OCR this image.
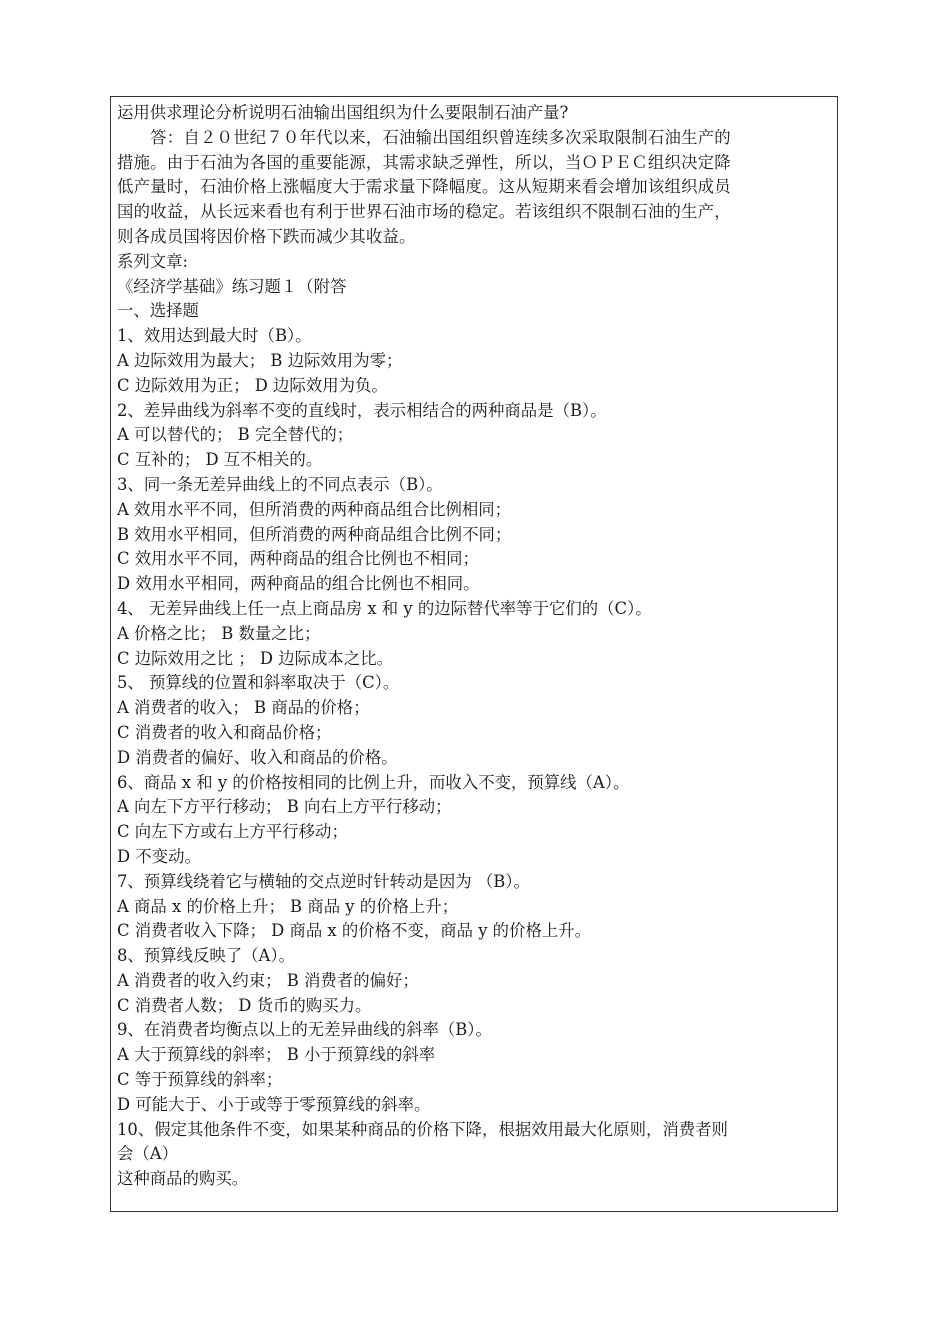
运用供求理论分析说明石油输出国组织为什么要限制石油产量?
　　答：自２０世纪７０年代以来，石油输出国组织曾连续多次采取限制石油生产的
措施。由于石油为各国的重要能源，其需求缺乏弹性，所以，当ＯＰＥＣ组织决定降
低产量时，石油价格上涨幅度大于需求量下降幅度。这从短期来看会增加该组织成员
国的收益，从长远来看也有利于世界石油市场的稳定。若该组织不限制石油的生产，
则各成员国将因价格下跌而减少其收益。
系列文章:
《经济学基础》练习题１（附答
一、选择题
1、效用达到最大时（B）。
A 边际效用为最大； B 边际效用为零；
C 边际效用为正； D 边际效用为负。
2、差异曲线为斜率不变的直线时，表示相结合的两种商品是（B）。
A 可以替代的； B 完全替代的；
C 互补的； D 互不相关的。
3、同一条无差异曲线上的不同点表示（B）。
A 效用水平不同，但所消费的两种商品组合比例相同；
B 效用水平相同，但所消费的两种商品组合比例不同；
C 效用水平不同，两种商品的组合比例也不相同；
D 效用水平相同，两种商品的组合比例也不相同。
4、 无差异曲线上任一点上商品房 x 和 y 的边际替代率等于它们的（C）。
A 价格之比； B 数量之比；
C 边际效用之比 ； D 边际成本之比。
5、 预算线的位置和斜率取决于（C）。
A 消费者的收入； B 商品的价格；
C 消费者的收入和商品价格；
D 消费者的偏好、收入和商品的价格。
6、商品 x 和 y 的价格按相同的比例上升，而收入不变，预算线（A）。
A 向左下方平行移动； B 向右上方平行移动；
C 向左下方或右上方平行移动；
D 不变动。
7、预算线绕着它与横轴的交点逆时针转动是因为 （B）。
A 商品 x 的价格上升； B 商品 y 的价格上升；
C 消费者收入下降； D 商品 x 的价格不变，商品 y 的价格上升。
8、预算线反映了（A）。
A 消费者的收入约束； B 消费者的偏好；
C 消费者人数； D 货币的购买力。
9、在消费者均衡点以上的无差异曲线的斜率（B）。
A 大于预算线的斜率； B 小于预算线的斜率
C 等于预算线的斜率；
D 可能大于、小于或等于零预算线的斜率。
10、假定其他条件不变，如果某种商品的价格下降，根据效用最大化原则，消费者则
会（A）
这种商品的购买。
